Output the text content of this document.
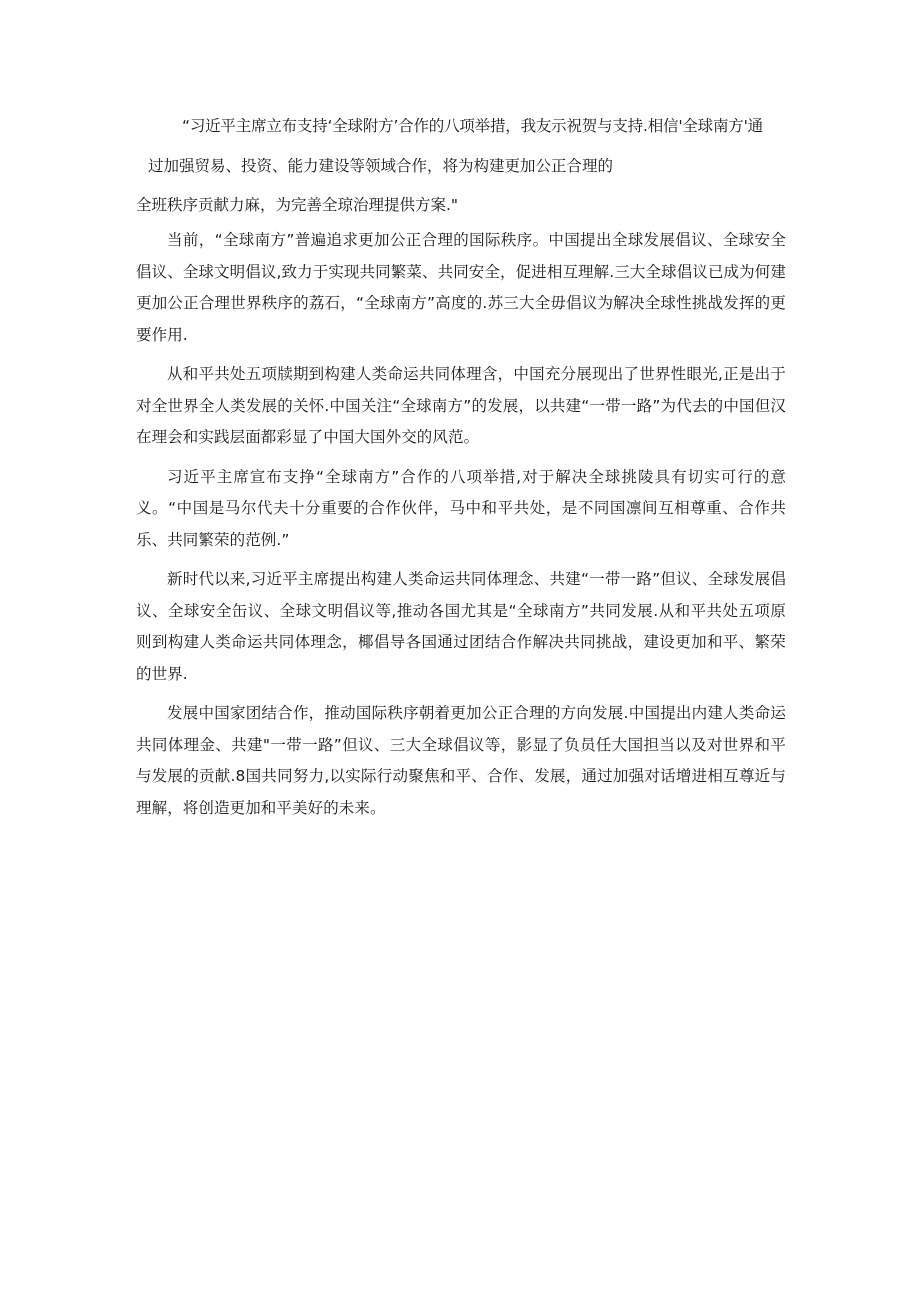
“习近平主席立布支持‘全球附方’合作的八项举措，我友示祝贺与支持.相信'全球南方'通
过加强贸易、投资、能力建设等领域合作，将为构建更加公正合理的
全班秩序贡献力麻，为完善全琼治理提供方案."

当前，“全球南方”普遍追求更加公正合理的国际秩序。中国提出全球发展倡议、全球安全倡议、全球文明倡议,致力于实现共同繁菜、共同安全，促进相互理解.三大全球倡议已成为何建更加公正合理世界秩序的荔石，“全球南方”高度的.苏三大全毋倡议为解决全球性挑战发挥的更要作用.

从和平共处五项牍期到构建人类命运共同体理含，中国充分展现出了世界性眼光,正是出于对全世界全人类发展的关怀.中国关注“全球南方”的发展，以共建“一带一路”为代去的中国但汉在理会和实践层面都彩显了中国大国外交的风范。

习近平主席宣布支挣“全球南方”合作的八项举措,对于解决全球挑陵具有切实可行的意义。“中国是马尔代夫十分重要的合作伙伴，马中和平共处，是不同国凛间互相尊重、合作共乐、共同繁荣的范例.”

新时代以来,习近平主席提出构建人类命运共同体理念、共建“一带一路”但议、全球发展倡议、全球安全缶议、全球文明倡议等,推动各国尤其是“全球南方”共同发展.从和平共处五项原则到构建人类命运共同体理念，椰倡导各国通过团结合作解决共同挑战，建设更加和平、繁荣的世界.

发展中国家团结合作，推动国际秩序朝着更加公正合理的方向发展.中国提出内建人类命运共同体理金、共建"一带一路”但议、三大全球倡议等，影显了负员任大国担当以及对世界和平与发展的贡献.8国共同努力,以实际行动聚焦和平、合作、发展，通过加强对话增进相互尊近与理解，将创造更加和平美好的未来。
